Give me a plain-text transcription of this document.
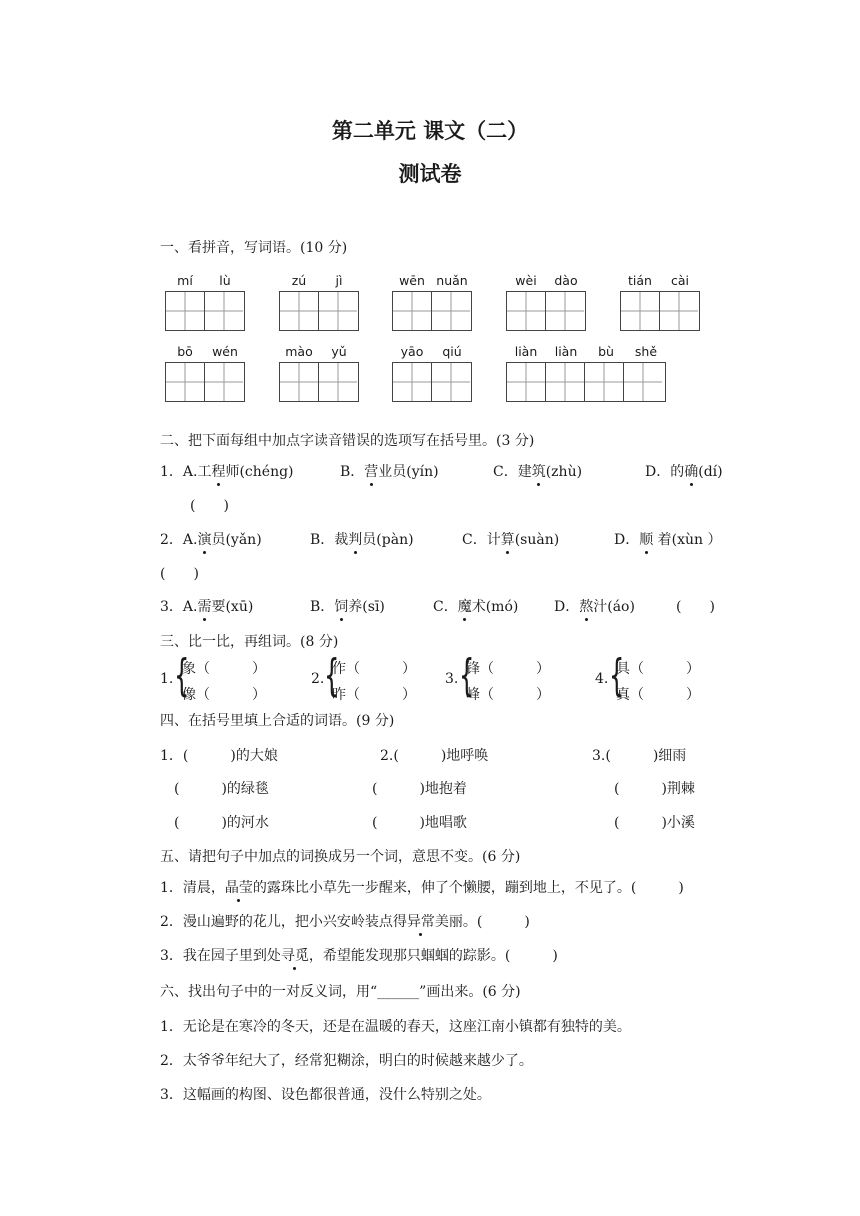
第二单元 课文（二）
测试卷
一、看拼音，写词语。(10 分)
mí lù	zú jì	wēn nuǎn	wèi dào	tián cài
bō wén	mào yǔ	yāo qiú	liàn liàn bù shě
二、把下面每组中加点字读音错误的选项写在括号里。(3 分)
1．A.工程师(chéng)	B．营业员(yín)	C．建筑(zhù)	D．的确(dí)
(　　)
2．A.演员(yǎn)	B．裁判员(pàn)	C．计算(suàn)	D．顺 着(xùn ）
(　　)
3．A.需要(xū)	B．饲养(sī)	C．魔术(mó)	D．熬汁(áo)	(　　)
三、比一比，再组词。(8 分)
1. {
象（　　　）
像（　　　）
2. {
作（　　　）
昨（　　　）
3. {
锋（　　　）
峰（　　　）
4. {
具（　　　）
真（　　　）
四、在括号里填上合适的词语。(9 分)
1．(　　　)的大娘	2.(　　　)地呼唤	3.(　　　)细雨
(　　　)的绿毯	(　　　)地抱着	(　　　)荆棘
(　　　)的河水	(　　　)地唱歌	(　　　)小溪
五、请把句子中加点的词换成另一个词，意思不变。(6 分)
1．清晨，晶莹的露珠比小草先一步醒来，伸了个懒腰，蹦到地上，不见了。(　　　)
2．漫山遍野的花儿，把小兴安岭装点得异常美丽。(　　　)
3．我在园子里到处寻觅，希望能发现那只蝈蝈的踪影。(　　　)
六、找出句子中的一对反义词，用“______”画出来。(6 分)
1．无论是在寒冷的冬天，还是在温暖的春天，这座江南小镇都有独特的美。
2．太爷爷年纪大了，经常犯糊涂，明白的时候越来越少了。
3．这幅画的构图、设色都很普通，没什么特别之处。
